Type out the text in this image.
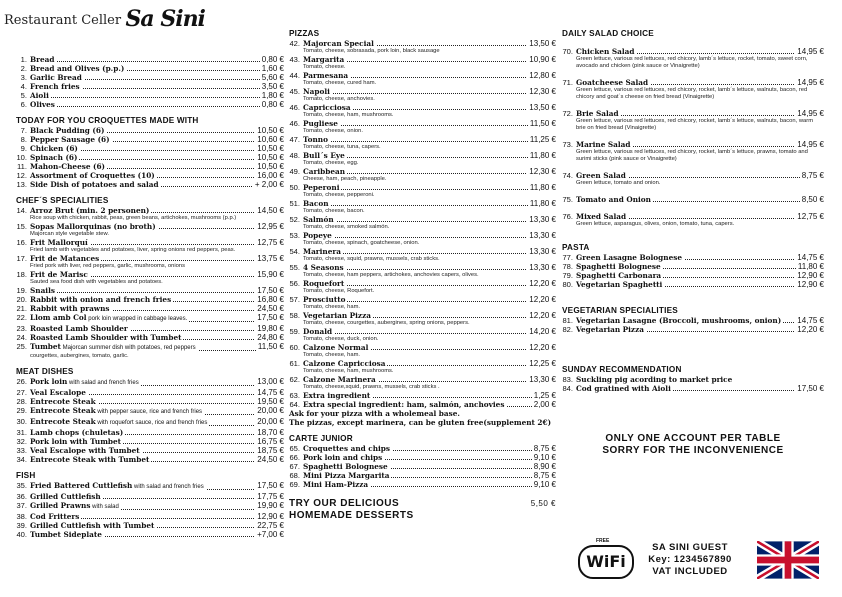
$^{Restaurant Celler}$ Sa Sini
1. Bread	0,80 €
2. Bread and Olives (p.p.)	1,60 €
3. Garlic Bread	5,60 €
4. French fries	3,50 €
5. Aioli	1,80 €
6. Olives	0,80 €
TODAY FOR YOU CROQUETTES MADE WITH
7. Black Pudding (6)	10,50 €
8. Pepper Sausage (6)	10,60 €
9. Chicken (6)	10,50 €
10. Spinach (6)	10,50 €
11. Mahon-Cheese (6)	10,50 €
12. Assortment of Croquettes (10)	16,00 €
13. Side Dish of potatoes and salad	+ 2,00 €
CHEF´S SPECIALITIES
14. Arroz Brut (min. 2 personen)	14,50 €
Rice soup with chicken, rabbit, peas, green beans, artichokes, mushrooms (p.p.)
15. Sopas Mallorquinas (no broth)	12,95 €
Majorcan style vegetable stew.
16. Frit Mallorquí	12,75 €
Fried lamb with vegetables and potatoes, liver, spring onions red peppers, peas.
17. Frit de Matances	13,75 €
Fried pork with liver, red peppers, garlic, mushrooms, onions
18. Frit de Marisc	15,90 €
Sauted sea food dish with vegetables and potatoes.
19. Snails	17,50 €
20. Rabbit with onion and french fries	16,80 €
21. Rabbit with prawns	24,50 €
22. Llom amb Col pork loin wrapped in cabbage leaves.	17,50 €
23. Roasted Lamb Shoulder	19,80 €
24. Roasted Lamb Shoulder with Tumbet	24,80 €
25. Tumbet Majorcan summer dish with potatoes, red peppers	11,50 €
courgettes, aubergines, tomato, garlic.
MEAT DISHES
26. Pork loin with salad and french fries	13,00 €
27. Veal Escalope	14,75 €
28. Entrecote Steak	19,50 €
29. Entrecote Steak with pepper sauce, rice and french fries	20,00 €
30. Entrecote Steak with roquefort sauce, rice and french fries	20,00 €
31. Lamb chops (chuletas)	18,70 €
32. Pork loin with Tumbet	16,75 €
33. Veal Escalope with Tumbet	18,75 €
34. Entrecote Steak with Tumbet	24,50 €
FISH
35. Fried Battered Cuttlefish with salad and french fries	17,50 €
36. Grilled Cuttlefish	17,75 €
37. Grilled Prawns with salad	19,90 €
38. Cod Fritters	12,90 €
39. Grilled Cuttlefish with Tumbet	22,75 €
40. Tumbet Sideplate	+7,00 €
PIZZAS
42. Majorcan Special	13,50 €
Tomato, cheese, sobrasada, pork loin, black sausage
43. Margarita	10,90 €
Tomato, cheese.
44. Parmesana	12,80 €
Tomato, cheese, cured ham.
45. Napoli	12,30 €
Tomato, cheese, anchovies.
46. Capricciosa	13,50 €
Tomato, cheese, ham, mushrooms.
46. Pugliese	11,50 €
Tomato, cheese, onion.
47. Tonno	11,25 €
Tomato, cheese, tuna, capers.
48. Bull´s Eye	11,80 €
Tomato, cheese, egg.
49. Caribbean	12,30 €
Cheese, ham, peach, pineapple.
50. Peperoni	11,80 €
Tomato, cheese, pepperoni.
51. Bacon	11,80 €
Tomato, cheese, bacon.
52. Salmón	13,30 €
Tomato, cheese, smoked salmón.
53. Popeye	13,30 €
Tomato, cheese, spinach, goatcheese, onion.
54. Marinera	13,30 €
Tomato, cheese, squid, prawns, mussels, crab sticks.
55. 4 Seasons	13,30 €
Tomato, cheese, ham peppers, artichokes, anchovies capers, olives.
56. Roquefort	12,20 €
Tomato, cheese, Roquefort.
57. Prosciutto	12,20 €
Tomato, cheese, ham.
58. Vegetarian Pizza	12,20 €
Tomato, cheese, courgettes, aubergines, spring onions, peppers.
59. Donald	14,20 €
Tomato, cheese, duck, onion.
60. Calzone Normal	12,20 €
Tomato, cheese, ham.
61. Calzone Capricciosa	12,25 €
Tomato, cheese, ham, mushrooms.
62. Calzone Marinera	13,30 €
Tomato, cheese,squid, prawns, mussels, crab sticks .
63. Extra ingredient	1,25 €
64. Extra special ingredient: ham, salmón, anchovies	2,00 €
Ask for your pizza with a wholemeal base.
The pizzas, except marinera, can be gluten free(supplement 2€)
CARTE JUNIOR
65. Croquettes and chips	8,75 €
66. Pork loin and chips	9,10 €
67. Spaghetti Bolognese	8,90 €
68. Mini Pizza Margarita	8,75 €
69. Mini Ham-Pizza	9,10 €
TRY OUR DELICIOUS	5,50 €
HOMEMADE DESSERTS
DAILY SALAD CHOICE
70. Chicken Salad	14,95 €
Green lettuce, various red lettuces, red chicory, lamb´s lettuce, rocket, tomato, sweet corn, avocado and chicken (pink sauce or Vinaigrette)
71. Goatcheese Salad	14,95 €
Green lettuce, various red lettuces, red chicory, rocket, lamb´s lettuce, walnuts, bacon, red chicory and goat´s cheese on fried bread (Vinaigrette)
72. Brie Salad	14,95 €
Green lettuce, various red lettuces, red chicory, rocket, lamb´s lettuce, walnuts, bacon, warm brie on fried bread (Vinaigrette)
73. Marine Salad	14,95 €
Green lettuce, various red lettuces, red chicory, rocket, lamb´s lettuce, prawns, tomato and surimi sticks (pink sauce or Vinaigrette)
74. Green Salad	8,75 €
Green lettuce, tomato and onion.
75. Tomato and Onion	8,50 €
76. Mixed Salad	12,75 €
Green lettuce, asparagus, olives, onion, tomato, tuna, capers.
PASTA
77. Green Lasagne Bolognese	14,75 €
78. Spaghetti Bolognese	11,80 €
79. Spaghetti Carbonara	12,90 €
80. Vegetarian Spaghetti	12,90 €
VEGETARIAN SPECIALITIES
81. Vegetarian Lasagne (Broccoli, mushrooms, onion) 14,75 €
82. Vegetarian Pizza	12,20 €
SUNDAY RECOMMENDATION
83. Suckling pig acording to market price
84. Cod gratined with Aioli	17,50 €
ONLY ONE ACCOUNT PER TABLE
SORRY FOR THE INCONVENIENCE
FREE
WiFi
SA SINI GUEST
Key: 1234567890
VAT INCLUDED
